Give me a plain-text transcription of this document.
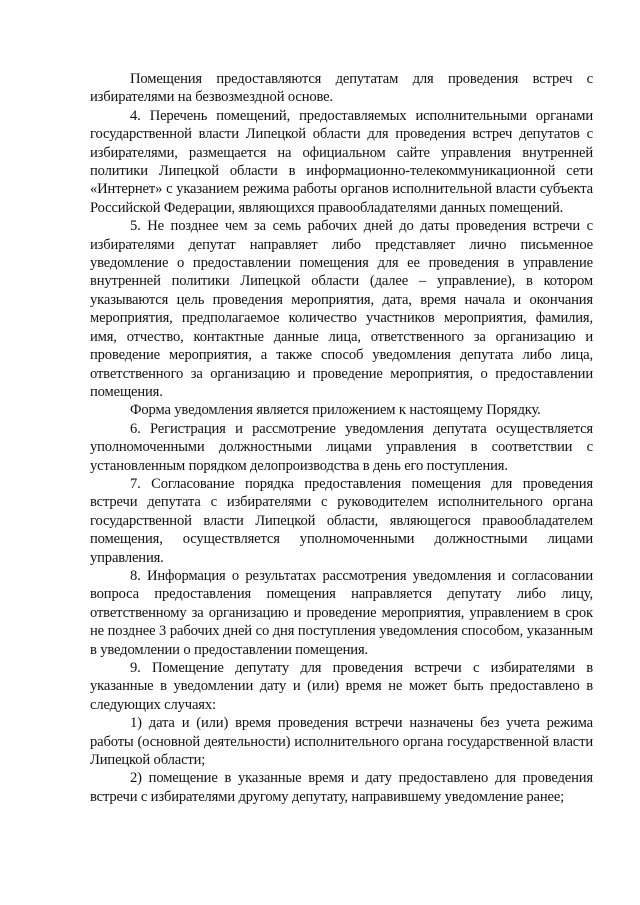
Помещения предоставляются депутатам для проведения встреч с избирателями на безвозмездной основе.

4. Перечень помещений, предоставляемых исполнительными органами государственной власти Липецкой области для проведения встреч депутатов с избирателями, размещается на официальном сайте управления внутренней политики Липецкой области в информационно-телекоммуникационной сети «Интернет» с указанием режима работы органов исполнительной власти субъекта Российской Федерации, являющихся правообладателями данных помещений.

5. Не позднее чем за семь рабочих дней до даты проведения встречи с избирателями депутат направляет либо представляет лично письменное уведомление о предоставлении помещения для ее проведения в управление внутренней политики Липецкой области (далее – управление), в котором указываются цель проведения мероприятия, дата, время начала и окончания мероприятия, предполагаемое количество участников мероприятия, фамилия, имя, отчество, контактные данные лица, ответственного за организацию и проведение мероприятия, а также способ уведомления депутата либо лица, ответственного за организацию и проведение мероприятия, о предоставлении помещения.

Форма уведомления является приложением к настоящему Порядку.

6. Регистрация и рассмотрение уведомления депутата осуществляется уполномоченными должностными лицами управления в соответствии с установленным порядком делопроизводства в день его поступления.

7. Согласование порядка предоставления помещения для проведения встречи депутата с избирателями с руководителем исполнительного органа государственной власти Липецкой области, являющегося правообладателем помещения, осуществляется уполномоченными должностными лицами управления.

8. Информация о результатах рассмотрения уведомления и согласовании вопроса предоставления помещения направляется депутату либо лицу, ответственному за организацию и проведение мероприятия, управлением в срок не позднее 3 рабочих дней со дня поступления уведомления способом, указанным в уведомлении о предоставлении помещения.

9. Помещение депутату для проведения встречи с избирателями в указанные в уведомлении дату и (или) время не может быть предоставлено в следующих случаях:

1) дата и (или) время проведения встречи назначены без учета режима работы (основной деятельности) исполнительного органа государственной власти Липецкой области;

2) помещение в указанные время и дату предоставлено для проведения встречи с избирателями другому депутату, направившему уведомление ранее;
